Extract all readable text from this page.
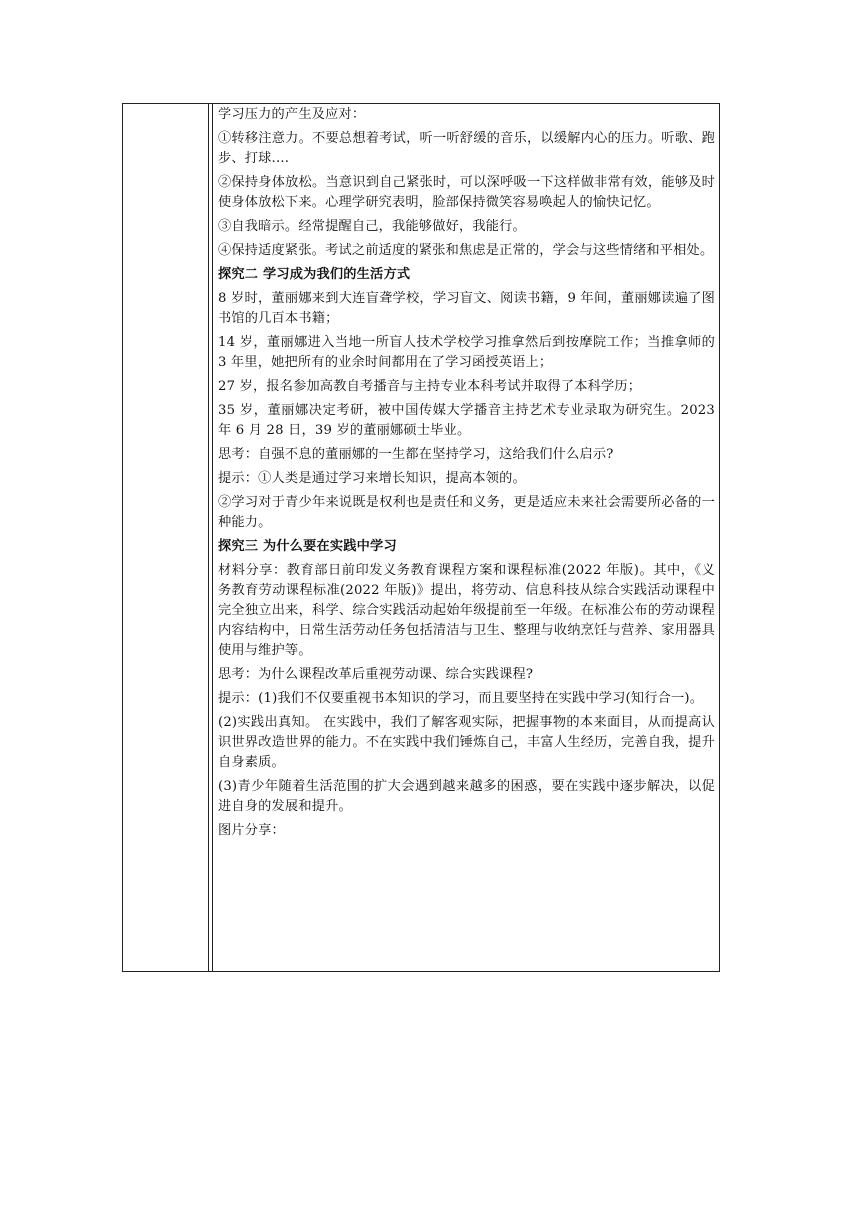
学习压力的产生及应对：

①转移注意力。不要总想着考试，听一听舒缓的音乐，以缓解内心的压力。听歌、跑步、打球....

②保持身体放松。当意识到自己紧张时，可以深呼吸一下这样做非常有效，能够及时使身体放松下来。心理学研究表明，脸部保持微笑容易唤起人的愉快记忆。

③自我暗示。经常提醒自己，我能够做好，我能行。

④保持适度紧张。考试之前适度的紧张和焦虑是正常的，学会与这些情绪和平相处。

探究二 学习成为我们的生活方式

8 岁时，董丽娜来到大连盲聋学校，学习盲文、阅读书籍，9 年间，董丽娜读遍了图书馆的几百本书籍；

14 岁，董丽娜进入当地一所盲人技术学校学习推拿然后到按摩院工作；当推拿师的 3 年里，她把所有的业余时间都用在了学习函授英语上；

27 岁，报名参加高教自考播音与主持专业本科考试并取得了本科学历；

35 岁，董丽娜决定考研，被中国传媒大学播音主持艺术专业录取为研究生。2023 年 6 月 28 日，39 岁的董丽娜硕士毕业。

思考：自强不息的董丽娜的一生都在坚持学习，这给我们什么启示?

提示：①人类是通过学习来增长知识，提高本领的。

②学习对于青少年来说既是权利也是责任和义务，更是适应未来社会需要所必备的一种能力。

探究三 为什么要在实践中学习

材料分享：教育部日前印发义务教育课程方案和课程标准(2022 年版)。其中，《义务教育劳动课程标准(2022 年版)》提出，将劳动、信息科技从综合实践活动课程中完全独立出来，科学、综合实践活动起始年级提前至一年级。在标准公布的劳动课程内容结构中，日常生活劳动任务包括清洁与卫生、整理与收纳烹饪与营养、家用器具使用与维护等。

思考：为什么课程改革后重视劳动课、综合实践课程?

提示：(1)我们不仅要重视书本知识的学习，而且要坚持在实践中学习(知行合一)。

(2)实践出真知。 在实践中，我们了解客观实际，把握事物的本来面目，从而提高认识世界改造世界的能力。不在实践中我们锤炼自己，丰富人生经历，完善自我，提升自身素质。

(3)青少年随着生活范围的扩大会遇到越来越多的困惑，要在实践中逐步解决，以促进自身的发展和提升。

图片分享：
